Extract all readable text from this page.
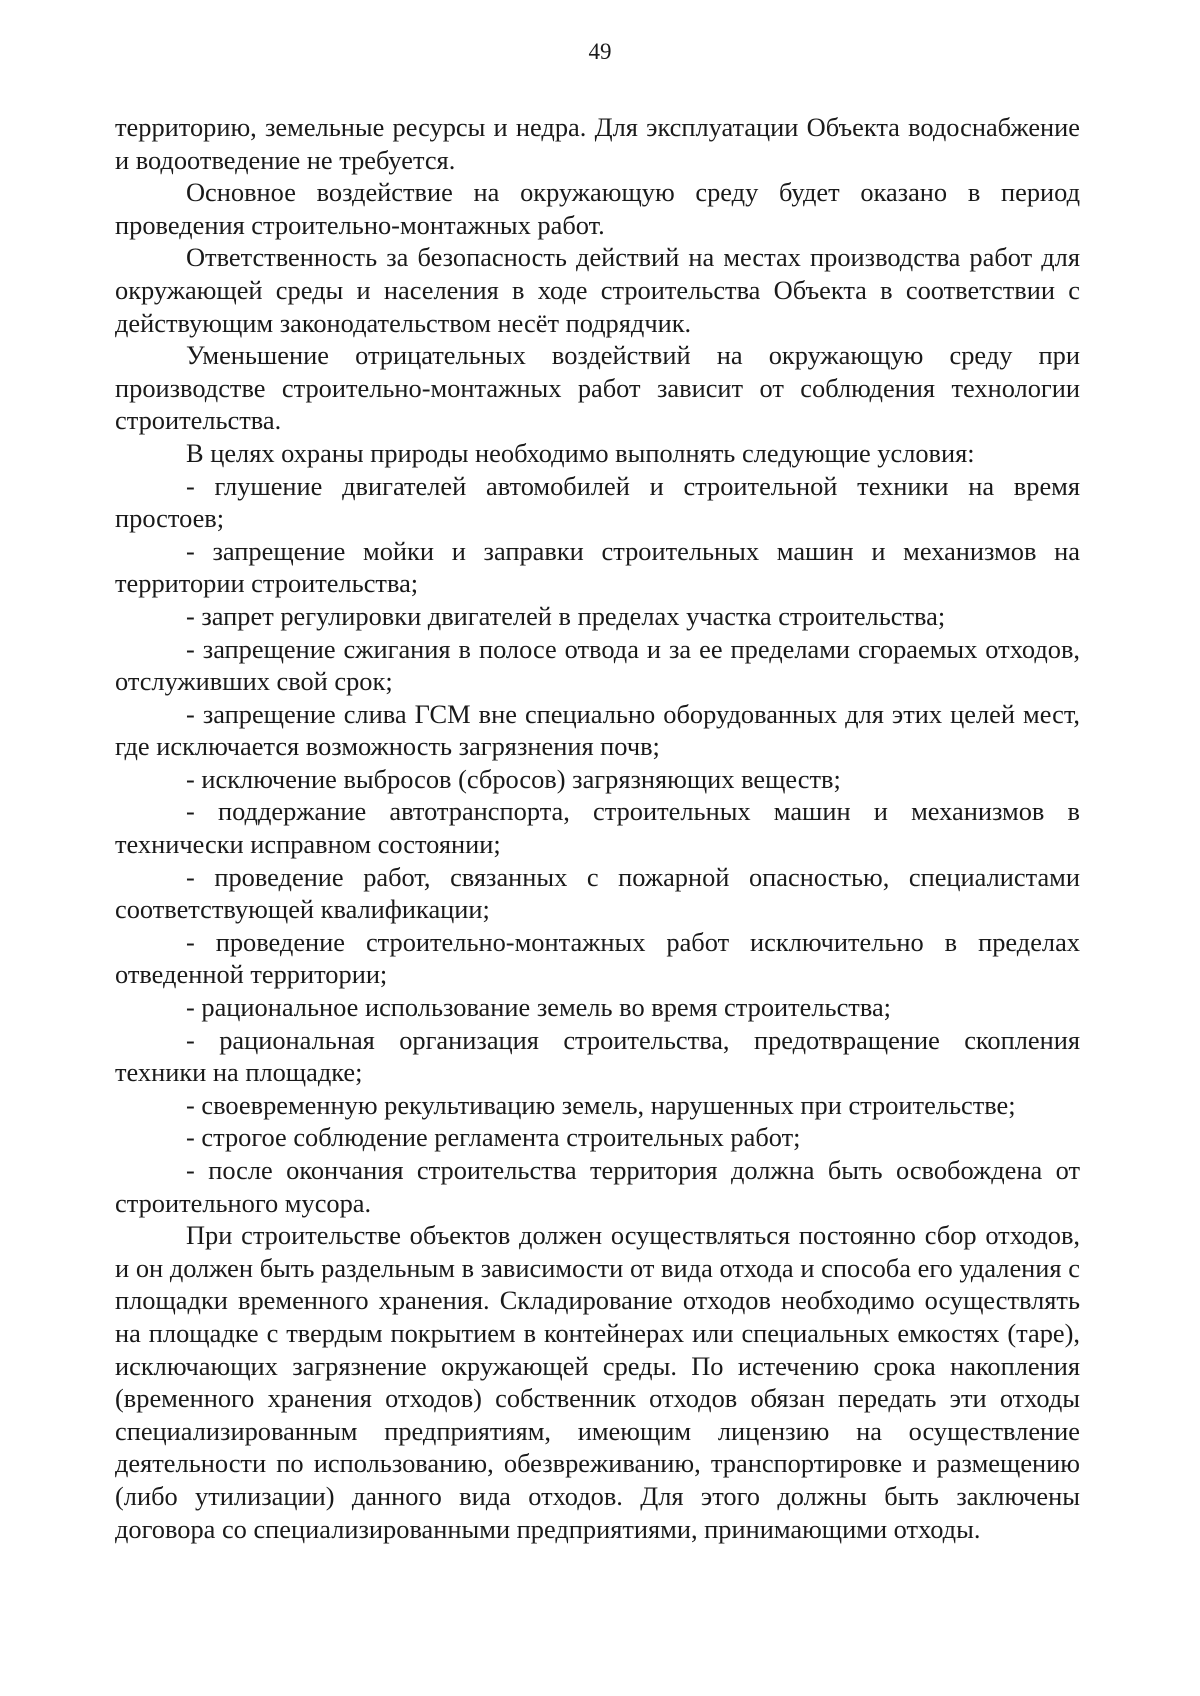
49

территорию, земельные ресурсы и недра. Для эксплуатации Объекта водоснабжение и водоотведение не требуется.

Основное воздействие на окружающую среду будет оказано в период проведения строительно-монтажных работ.

Ответственность за безопасность действий на местах производства работ для окружающей среды и населения в ходе строительства Объекта в соответствии с действующим законодательством несёт подрядчик.

Уменьшение отрицательных воздействий на окружающую среду при производстве строительно-монтажных работ зависит от соблюдения технологии строительства.

В целях охраны природы необходимо выполнять следующие условия:

- глушение двигателей автомобилей и строительной техники на время простоев;

- запрещение мойки и заправки строительных машин и механизмов на территории строительства;

- запрет регулировки двигателей в пределах участка строительства;

- запрещение сжигания в полосе отвода и за ее пределами сгораемых отходов, отслуживших свой срок;

- запрещение слива ГСМ вне специально оборудованных для этих целей мест, где исключается возможность загрязнения почв;

- исключение выбросов (сбросов) загрязняющих веществ;

- поддержание автотранспорта, строительных машин и механизмов в технически исправном состоянии;

- проведение работ, связанных с пожарной опасностью, специалистами соответствующей квалификации;

- проведение строительно-монтажных работ исключительно в пределах отведенной территории;

- рациональное использование земель во время строительства;

- рациональная организация строительства, предотвращение скопления техники на площадке;

- своевременную рекультивацию земель, нарушенных при строительстве;

- строгое соблюдение регламента строительных работ;

- после окончания строительства территория должна быть освобождена от строительного мусора.

При строительстве объектов должен осуществляться постоянно сбор отходов, и он должен быть раздельным в зависимости от вида отхода и способа его удаления с площадки временного хранения. Складирование отходов необходимо осуществлять на площадке с твердым покрытием в контейнерах или специальных емкостях (таре), исключающих загрязнение окружающей среды. По истечению срока накопления (временного хранения отходов) собственник отходов обязан передать эти отходы специализированным предприятиям, имеющим лицензию на осуществление деятельности по использованию, обезвреживанию, транспортировке и размещению (либо утилизации) данного вида отходов. Для этого должны быть заключены договора со специализированными предприятиями, принимающими отходы.
